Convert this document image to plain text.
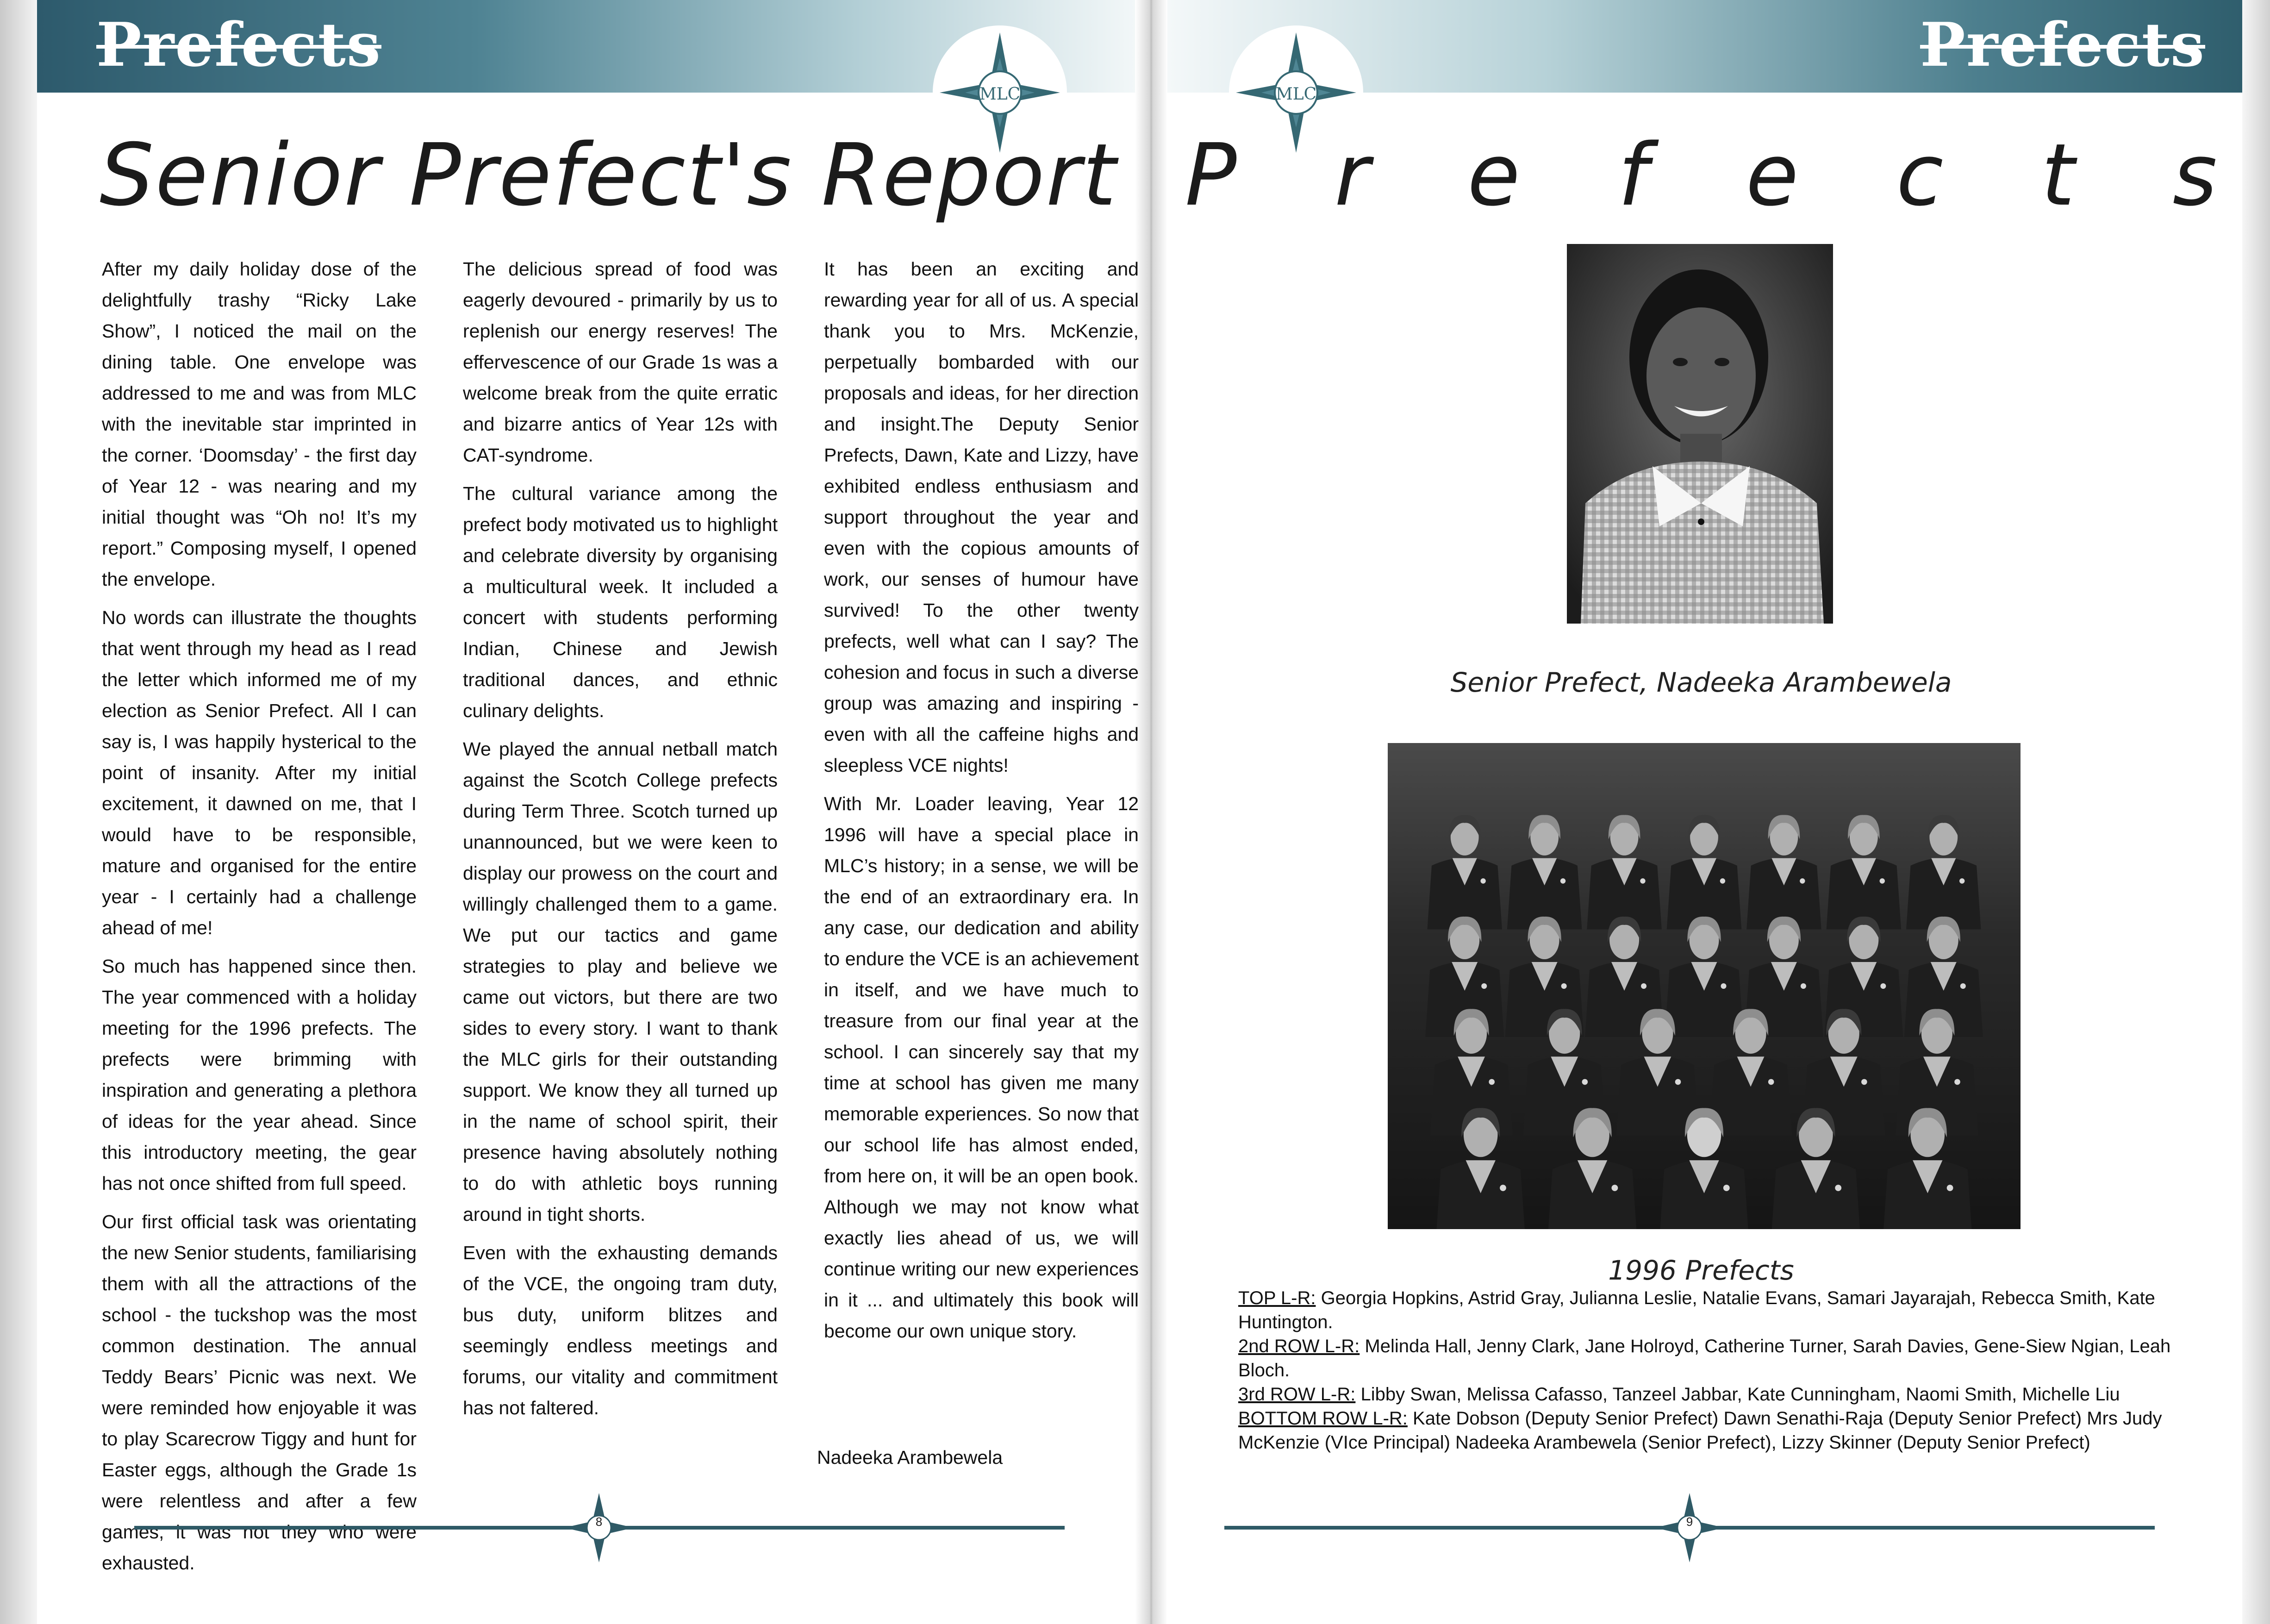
Prefects	Prefects
MLC	MLC
Senior Prefect's Report P r e f e c t s

After my daily holiday dose of the delightfully trashy “Ricky Lake Show”, I noticed the mail on the dining table. One envelope was addressed to me and was from MLC with the inevitable star imprinted in the corner. ‘Doomsday’ - the first day of Year 12 - was nearing and my initial thought was “Oh no! It’s my report.” Composing myself, I opened the envelope.

No words can illustrate the thoughts that went through my head as I read the letter which informed me of my election as Senior Prefect. All I can say is, I was happily hysterical to the point of insanity. After my initial excitement, it dawned on me, that I would have to be responsible, mature and organised for the entire year - I certainly had a challenge ahead of me!

So much has happened since then. The year commenced with a holiday meeting for the 1996 prefects. The prefects were brimming with inspiration and generating a plethora of ideas for the year ahead. Since this introductory meeting, the gear has not once shifted from full speed.

Our first official task was orientating the new Senior students, familiarising them with all the attractions of the school - the tuckshop was the most common destination. The annual Teddy Bears’ Picnic was next. We were reminded how enjoyable it was to play Scarecrow Tiggy and hunt for Easter eggs, although the Grade 1s were relentless and after a few games, it was not they who were exhausted.

The delicious spread of food was eagerly devoured - primarily by us to replenish our energy reserves! The effervescence of our Grade 1s was a welcome break from the quite erratic and bizarre antics of Year 12s with CAT-syndrome.

The cultural variance among the prefect body motivated us to highlight and celebrate diversity by organising a multicultural week. It included a concert with students performing Indian, Chinese and Jewish traditional dances, and ethnic culinary delights.

We played the annual netball match against the Scotch College prefects during Term Three. Scotch turned up unannounced, but we were keen to display our prowess on the court and willingly challenged them to a game. We put our tactics and game strategies to play and believe we came out victors, but there are two sides to every story. I want to thank the MLC girls for their outstanding support. We know they all turned up in the name of school spirit, their presence having absolutely nothing to do with athletic boys running around in tight shorts.

Even with the exhausting demands of the VCE, the ongoing tram duty, bus duty, uniform blitzes and seemingly endless meetings and forums, our vitality and commitment has not faltered.

It has been an exciting and rewarding year for all of us. A special thank you to Mrs. McKenzie, perpetually bombarded with our proposals and ideas, for her direction and insight.The Deputy Senior Prefects, Dawn, Kate and Lizzy, have exhibited endless enthusiasm and support throughout the year and even with the copious amounts of work, our senses of humour have survived! To the other twenty prefects, well what can I say? The cohesion and focus in such a diverse group was amazing and inspiring - even with all the caffeine highs and sleepless VCE nights!

With Mr. Loader leaving, Year 12 1996 will have a special place in MLC’s history; in a sense, we will be the end of an extraordinary era. In any case, our dedication and ability to endure the VCE is an achievement in itself, and we have much to treasure from our final year at the school. I can sincerely say that my time at school has given me many memorable experiences. So now that our school life has almost ended, from here on, it will be an open book. Although we may not know what exactly lies ahead of us, we will continue writing our new experiences in it ... and ultimately this book will become our own unique story.

Nadeeka Arambewela
Senior Prefect, Nadeeka Arambewela
1996 Prefects
TOP L-R: Georgia Hopkins, Astrid Gray, Julianna Leslie, Natalie Evans, Samari Jayarajah, Rebecca Smith, Kate Huntington.
2nd ROW L-R: Melinda Hall, Jenny Clark, Jane Holroyd, Catherine Turner, Sarah Davies, Gene-Siew Ngian, Leah Bloch.
3rd ROW L-R: Libby Swan, Melissa Cafasso, Tanzeel Jabbar, Kate Cunningham, Naomi Smith, Michelle Liu
BOTTOM ROW L-R: Kate Dobson (Deputy Senior Prefect) Dawn Senathi-Raja (Deputy Senior Prefect) Mrs Judy McKenzie (VIce Principal) Nadeeka Arambewela (Senior Prefect), Lizzy Skinner (Deputy Senior Prefect)
8	9
